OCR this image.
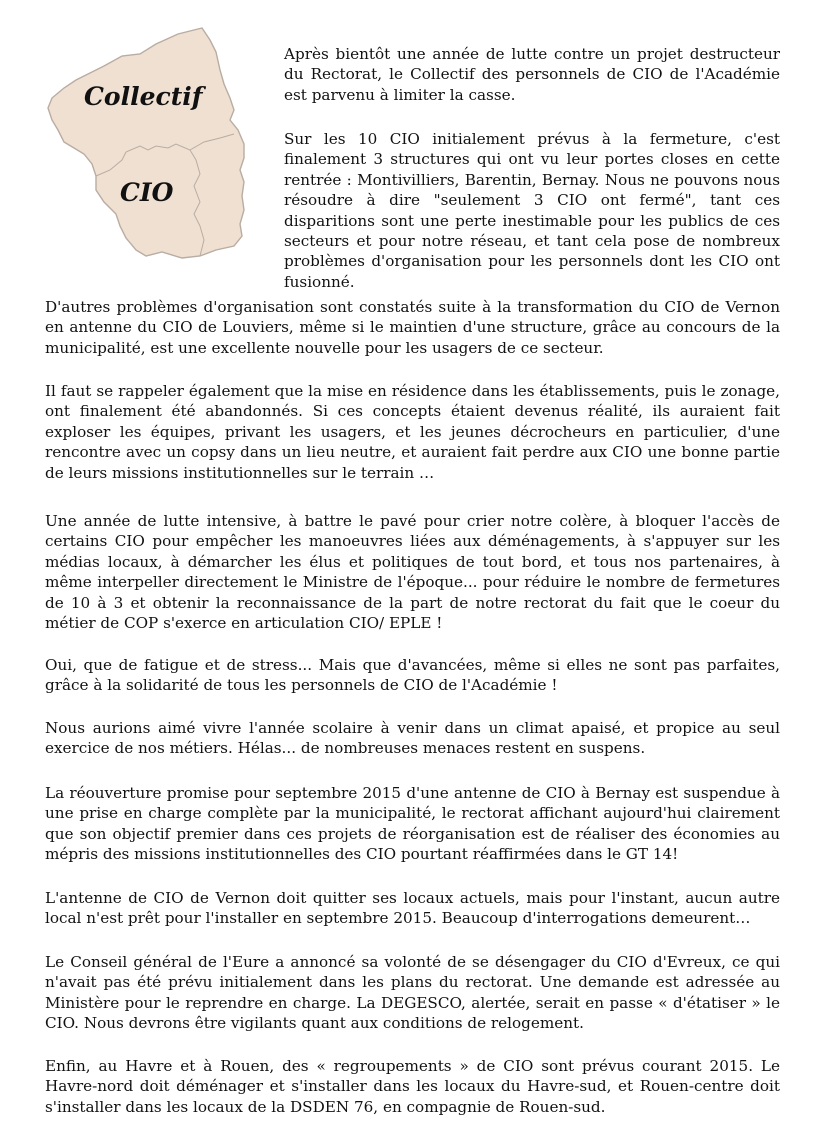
Collectif
CIO

Après bientôt une année de lutte contre un projet destructeur du Rectorat, le Collectif des personnels de CIO de l'Académie est parvenu à limiter la casse.

Sur les 10 CIO initialement prévus à la fermeture, c'est finalement 3 structures qui ont vu leur portes closes en cette rentrée : Montivilliers, Barentin, Bernay. Nous ne pouvons nous résoudre à dire "seulement 3 CIO ont fermé", tant ces disparitions sont une perte inestimable pour les publics de ces secteurs et pour notre réseau, et tant cela pose de nombreux problèmes d'organisation pour les personnels dont les CIO ont fusionné.

D'autres problèmes d'organisation sont constatés suite à la transformation du CIO de Vernon en antenne du CIO de Louviers, même si le maintien d'une structure, grâce au concours de la municipalité, est une excellente nouvelle pour les usagers de ce secteur.

Il faut se rappeler également que la mise en résidence dans les établissements, puis le zonage, ont finalement été abandonnés. Si ces concepts étaient devenus réalité, ils auraient fait exploser les équipes, privant les usagers, et les jeunes décrocheurs en particulier, d'une rencontre avec un copsy dans un lieu neutre, et auraient fait perdre aux CIO une bonne partie de leurs missions institutionnelles sur le terrain …

Une année de lutte intensive, à battre le pavé pour crier notre colère, à bloquer l'accès de certains CIO pour empêcher les manoeuvres liées aux déménagements, à s'appuyer sur les médias locaux, à démarcher les élus et politiques de tout bord, et tous nos partenaires, à même interpeller directement le Ministre de l'époque... pour réduire le nombre de fermetures de 10 à 3 et obtenir la reconnaissance de la part de notre rectorat du fait que le coeur du métier de COP s'exerce en articulation CIO/ EPLE !

Oui, que de fatigue et de stress... Mais que d'avancées, même si elles ne sont pas parfaites, grâce à la solidarité de tous les personnels de CIO de l'Académie !

Nous aurions aimé vivre l'année scolaire à venir dans un climat apaisé, et propice au seul exercice de nos métiers. Hélas... de nombreuses menaces restent en suspens.

La réouverture promise pour septembre 2015 d'une antenne de CIO à Bernay est suspendue à une prise en charge complète par la municipalité, le rectorat affichant aujourd'hui clairement que son objectif premier dans ces projets de réorganisation est de réaliser des économies au mépris des missions institutionnelles des CIO pourtant réaffirmées dans le GT 14!

L'antenne de CIO de Vernon doit quitter ses locaux actuels, mais pour l'instant, aucun autre local n'est prêt pour l'installer en septembre 2015. Beaucoup d'interrogations demeurent…

Le Conseil général de l'Eure a annoncé sa volonté de se désengager du CIO d'Evreux, ce qui n'avait pas été prévu initialement dans les plans du rectorat. Une demande est adressée au Ministère pour le reprendre en charge. La DEGESCO, alertée, serait en passe « d'étatiser » le CIO. Nous devrons être vigilants quant aux conditions de relogement.

Enfin, au Havre et à Rouen, des « regroupements » de CIO sont prévus courant 2015. Le Havre-nord doit déménager et s'installer dans les locaux du Havre-sud, et Rouen-centre doit s'installer dans les locaux de la DSDEN 76, en compagnie de Rouen-sud.
